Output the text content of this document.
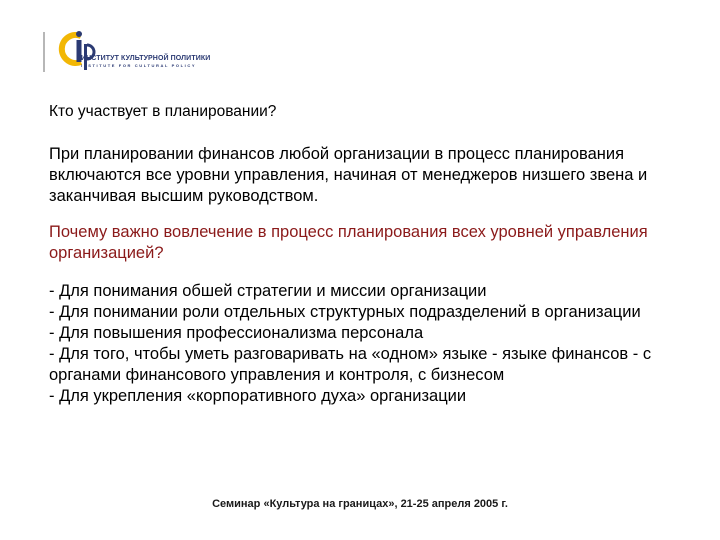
ИНСТИТУТ КУЛЬТУРНОЙ ПОЛИТИКИ
INSTITUTE FOR CULTURAL POLICY

Кто участвует в планировании?

При планировании финансов любой организации в процесс планирования включаются все уровни управления, начиная от менеджеров низшего звена и заканчивая высшим руководством.

Почему важно вовлечение в процесс планирования всех уровней управления организацией?

- Для понимания обшей стратегии и миссии организации
- Для понимании роли отдельных структурных подразделений в организации
- Для повышения профессионализма персонала
- Для того, чтобы уметь разговаривать на «одном» языке - языке финансов - с органами финансового управления и контроля, с бизнесом
- Для укрепления «корпоративного духа» организации
Семинар «Культура на границах», 21-25 апреля 2005 г.
